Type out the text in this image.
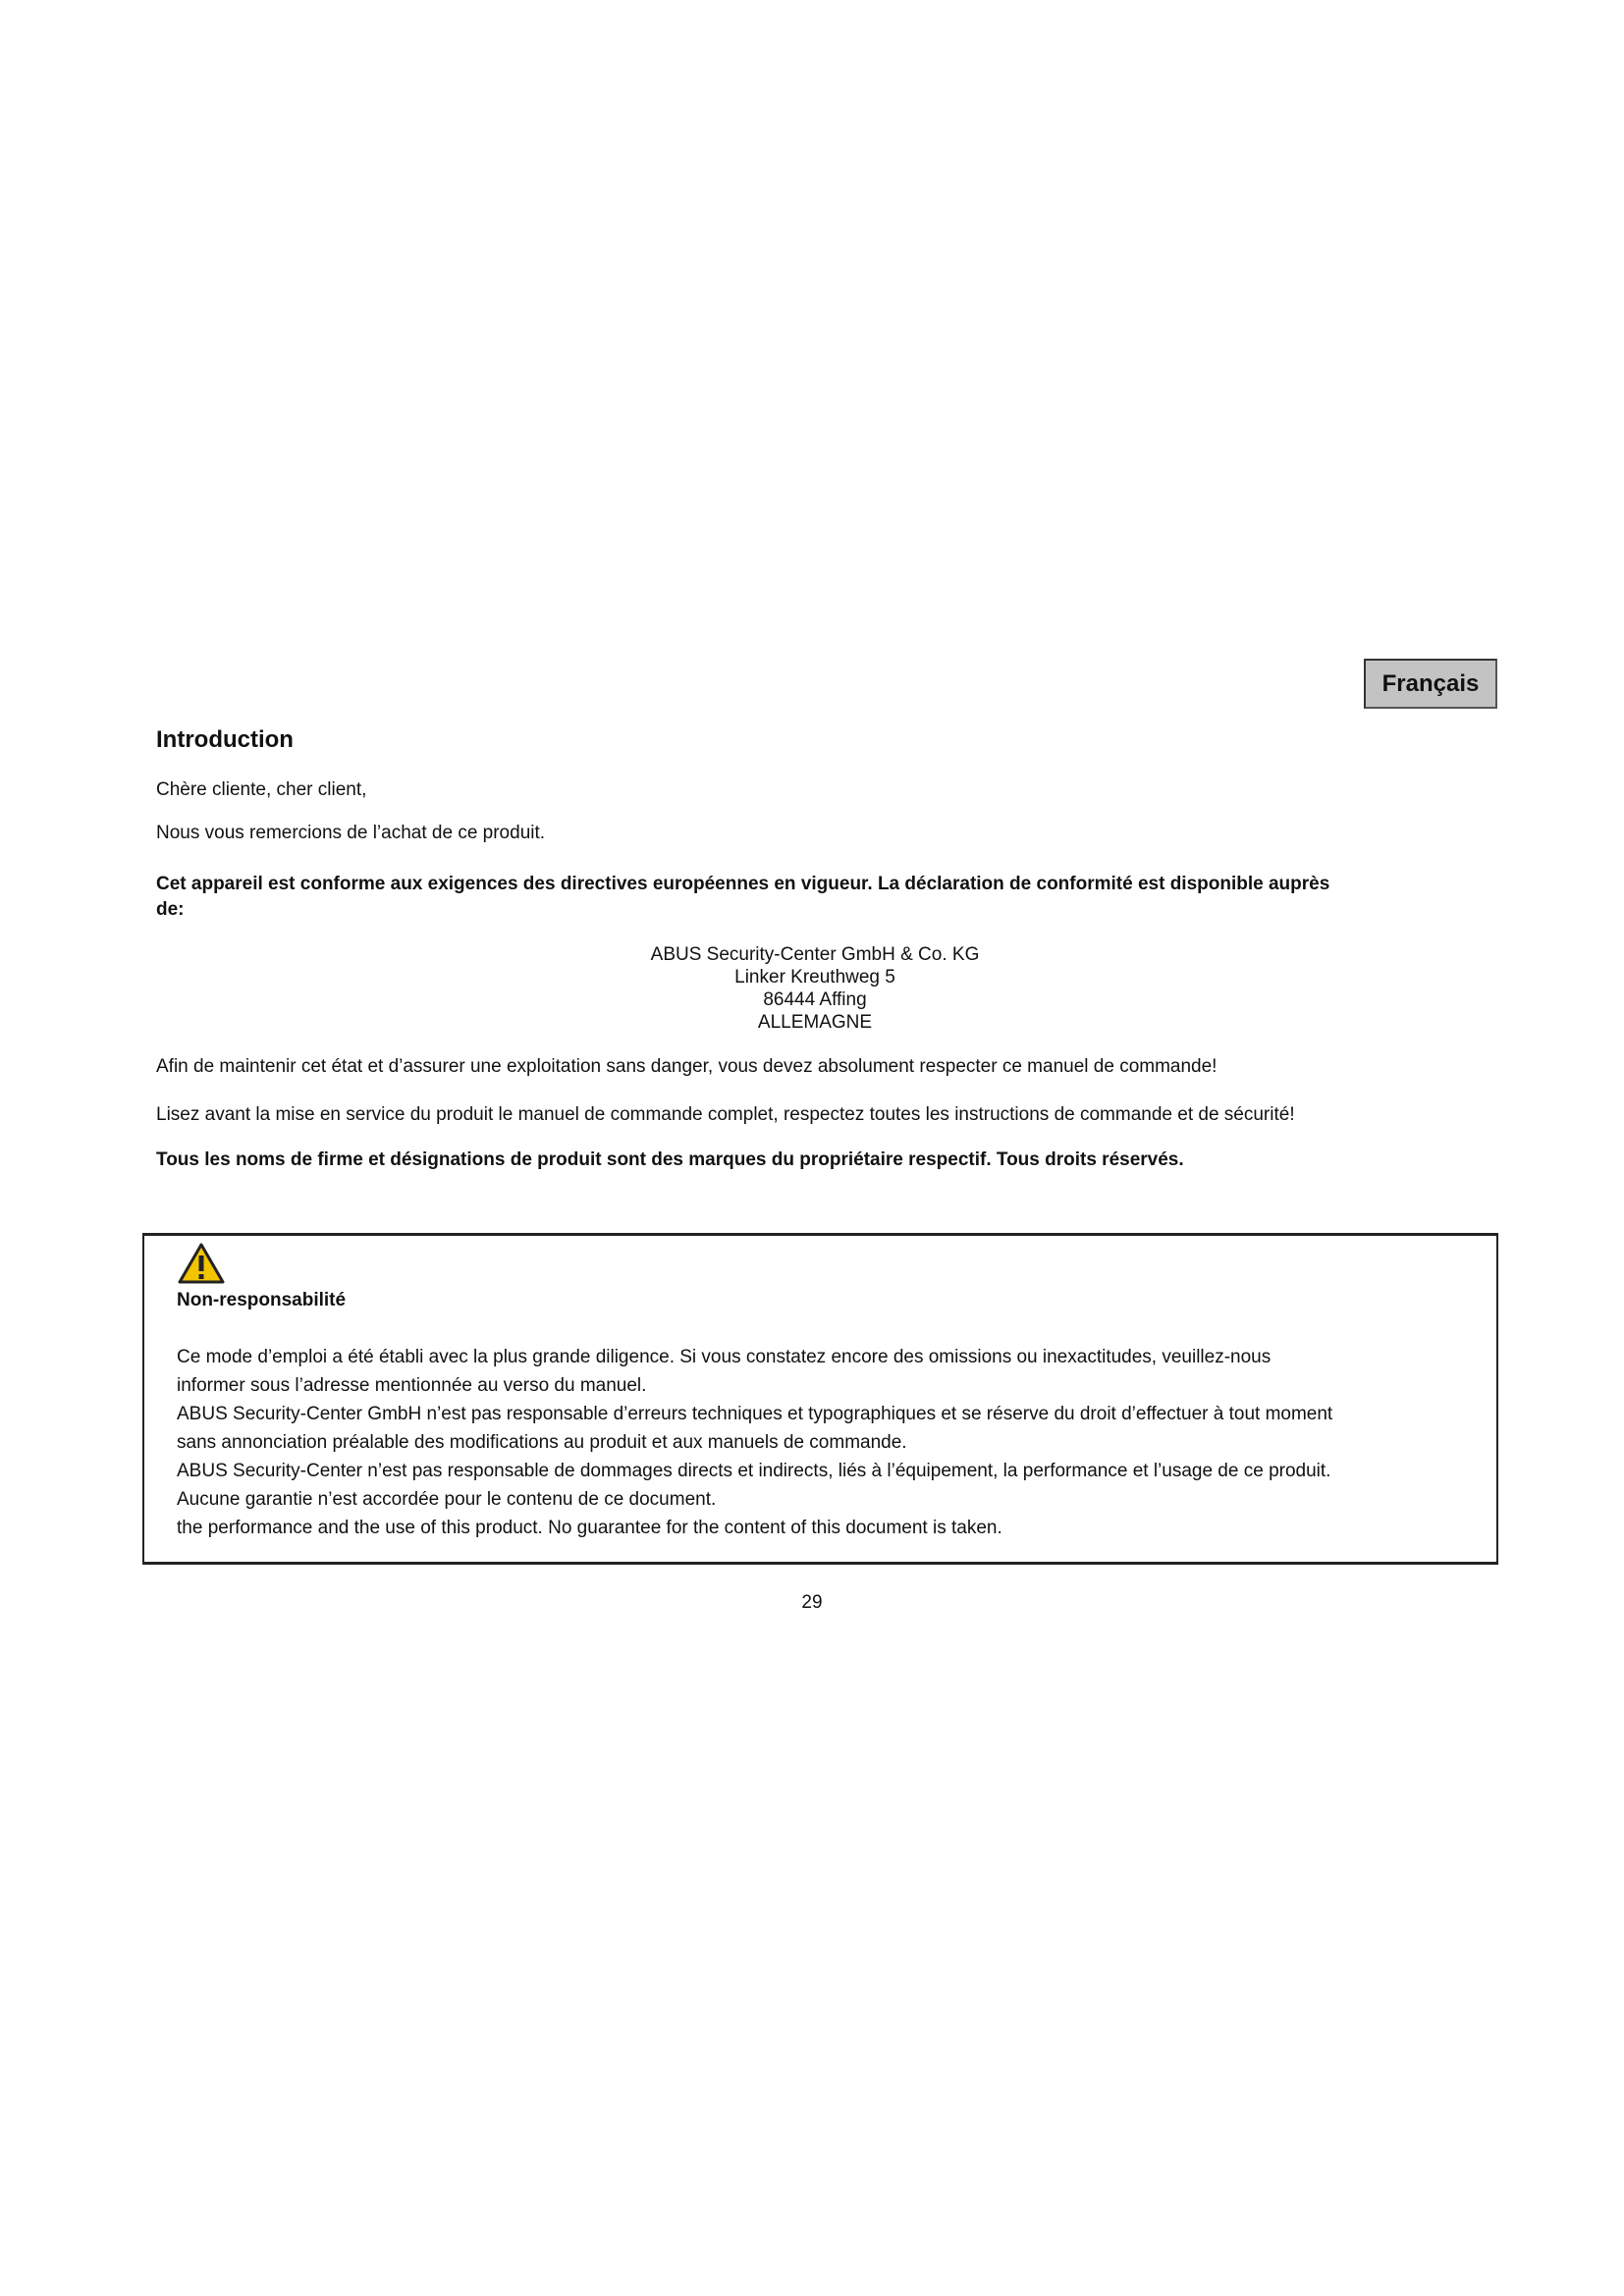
Français
Introduction

Chère cliente, cher client,

Nous vous remercions de l’achat de ce produit.

Cet appareil est conforme aux exigences des directives européennes en vigueur. La déclaration de conformité est disponible auprès
de:
ABUS Security-Center GmbH & Co. KG
Linker Kreuthweg 5
86444 Affing
ALLEMAGNE

Afin de maintenir cet état et d’assurer une exploitation sans danger, vous devez absolument respecter ce manuel de commande!

Lisez avant la mise en service du produit le manuel de commande complet, respectez toutes les instructions de commande et de sécurité!

Tous les noms de firme et désignations de produit sont des marques du propriétaire respectif. Tous droits réservés.

Non-responsabilité
Ce mode d’emploi a été établi avec la plus grande diligence. Si vous constatez encore des omissions ou inexactitudes, veuillez-nous
informer sous l’adresse mentionnée au verso du manuel.
ABUS Security-Center GmbH n’est pas responsable d’erreurs techniques et typographiques et se réserve du droit d’effectuer à tout moment
sans annonciation préalable des modifications au produit et aux manuels de commande.
ABUS Security-Center n’est pas responsable de dommages directs et indirects, liés à l’équipement, la performance et l’usage de ce produit.
Aucune garantie n’est accordée pour le contenu de ce document.
the performance and the use of this product. No guarantee for the content of this document is taken.
29
